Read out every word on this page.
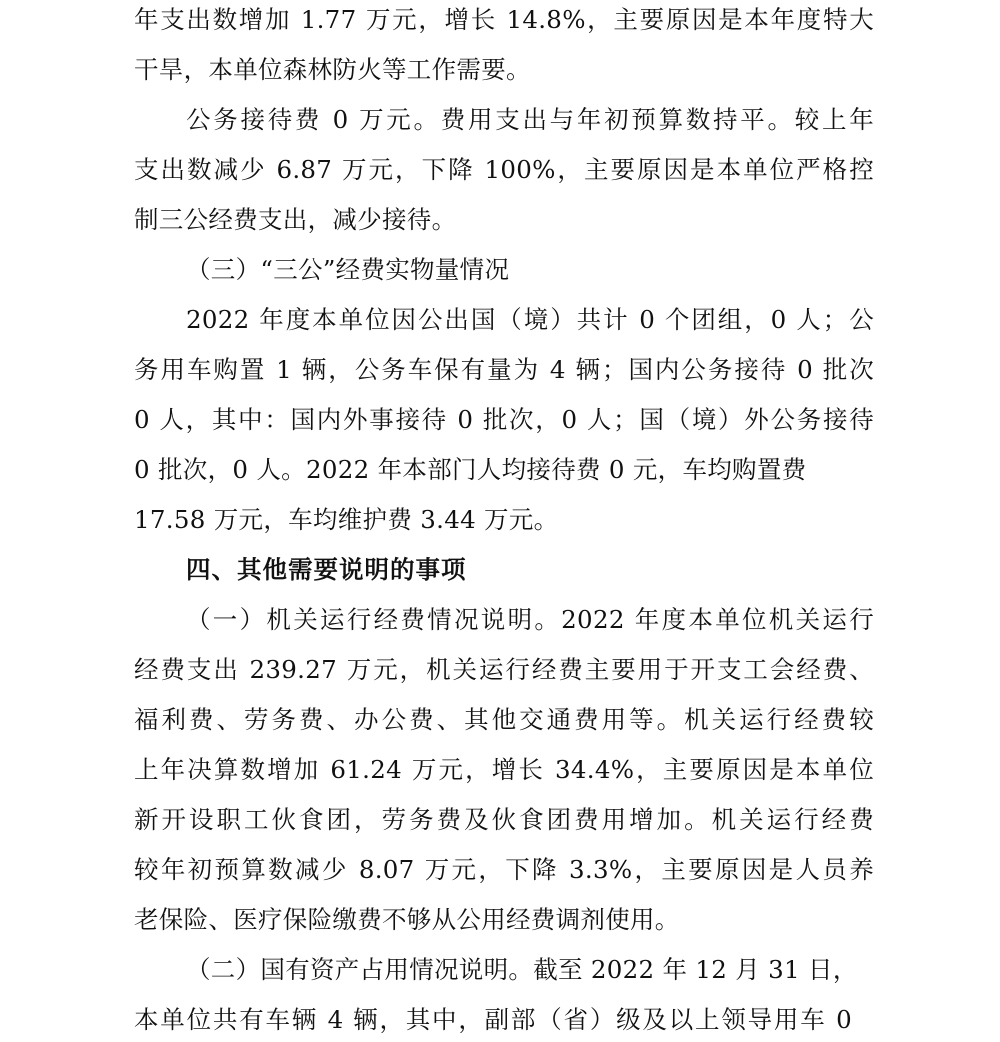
年支出数增加 1.77 万元，增长 14.8%，主要原因是本年度特大
干旱，本单位森林防火等工作需要。
公务接待费 0 万元。费用支出与年初预算数持平。较上年
支出数减少 6.87 万元，下降 100%，主要原因是本单位严格控
制三公经费支出，减少接待。
（三）“三公”经费实物量情况
2022 年度本单位因公出国（境）共计 0 个团组，0 人；公
务用车购置 1 辆，公务车保有量为 4 辆；国内公务接待 0 批次
0 人，其中：国内外事接待 0 批次，0 人；国（境）外公务接待
0 批次，0 人。2022 年本部门人均接待费 0 元，车均购置费
17.58 万元，车均维护费 3.44 万元。
四、其他需要说明的事项
（一）机关运行经费情况说明。2022 年度本单位机关运行
经费支出 239.27 万元，机关运行经费主要用于开支工会经费、
福利费、劳务费、办公费、其他交通费用等。机关运行经费较
上年决算数增加 61.24 万元，增长 34.4%，主要原因是本单位
新开设职工伙食团，劳务费及伙食团费用增加。机关运行经费
较年初预算数减少 8.07 万元，下降 3.3%，主要原因是人员养
老保险、医疗保险缴费不够从公用经费调剂使用。
（二）国有资产占用情况说明。截至 2022 年 12 月 31 日，
本单位共有车辆 4 辆，其中，副部（省）级及以上领导用车 0
